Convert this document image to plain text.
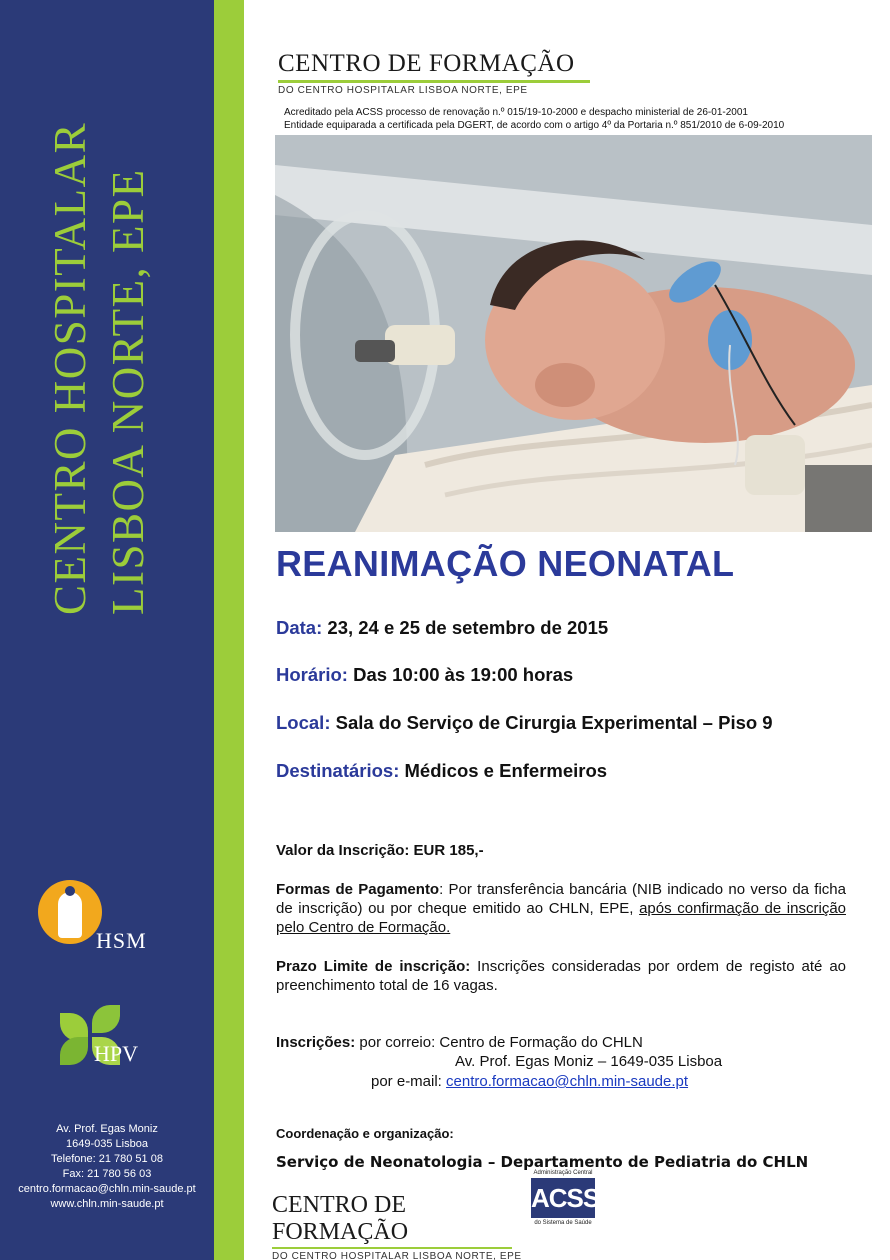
CENTRO HOSPITALAR LISBOA NORTE, EPE
HSM
HPV
Av. Prof. Egas Moniz
1649-035 Lisboa
Telefone: 21 780 51 08
Fax: 21 780 56 03
centro.formacao@chln.min-saude.pt
www.chln.min-saude.pt
CENTRO DE FORMAÇÃO
DO CENTRO HOSPITALAR LISBOA NORTE, EPE
Acreditado pela ACSS processo de renovação n.º 015/19-10-2000 e despacho ministerial de 26-01-2001
Entidade equiparada a certificada pela DGERT, de acordo com o artigo 4º da Portaria n.º 851/2010 de 6-09-2010
REANIMAÇÃO NEONATAL
Data: 23, 24 e 25 de setembro de 2015
Horário: Das 10:00 às 19:00 horas
Local: Sala do Serviço de Cirurgia Experimental – Piso 9
Destinatários: Médicos e Enfermeiros
Valor da Inscrição: EUR 185,-
Formas de Pagamento: Por transferência bancária (NIB indicado no verso da ficha de inscrição) ou por cheque emitido ao CHLN, EPE, após confirmação de inscrição pelo Centro de Formação.
Prazo Limite de inscrição: Inscrições consideradas por ordem de registo até ao preenchimento total de 16 vagas.
Inscrições: por correio: Centro de Formação do CHLN
Av. Prof. Egas Moniz – 1649-035 Lisboa
por e-mail: centro.formacao@chln.min-saude.pt
Coordenação e organização:
Serviço de Neonatologia – Departamento de Pediatria do CHLN
CENTRO DE FORMAÇÃO
DO CENTRO HOSPITALAR LISBOA NORTE, EPE
Administração Central
ACSS
do Sistema de Saúde
